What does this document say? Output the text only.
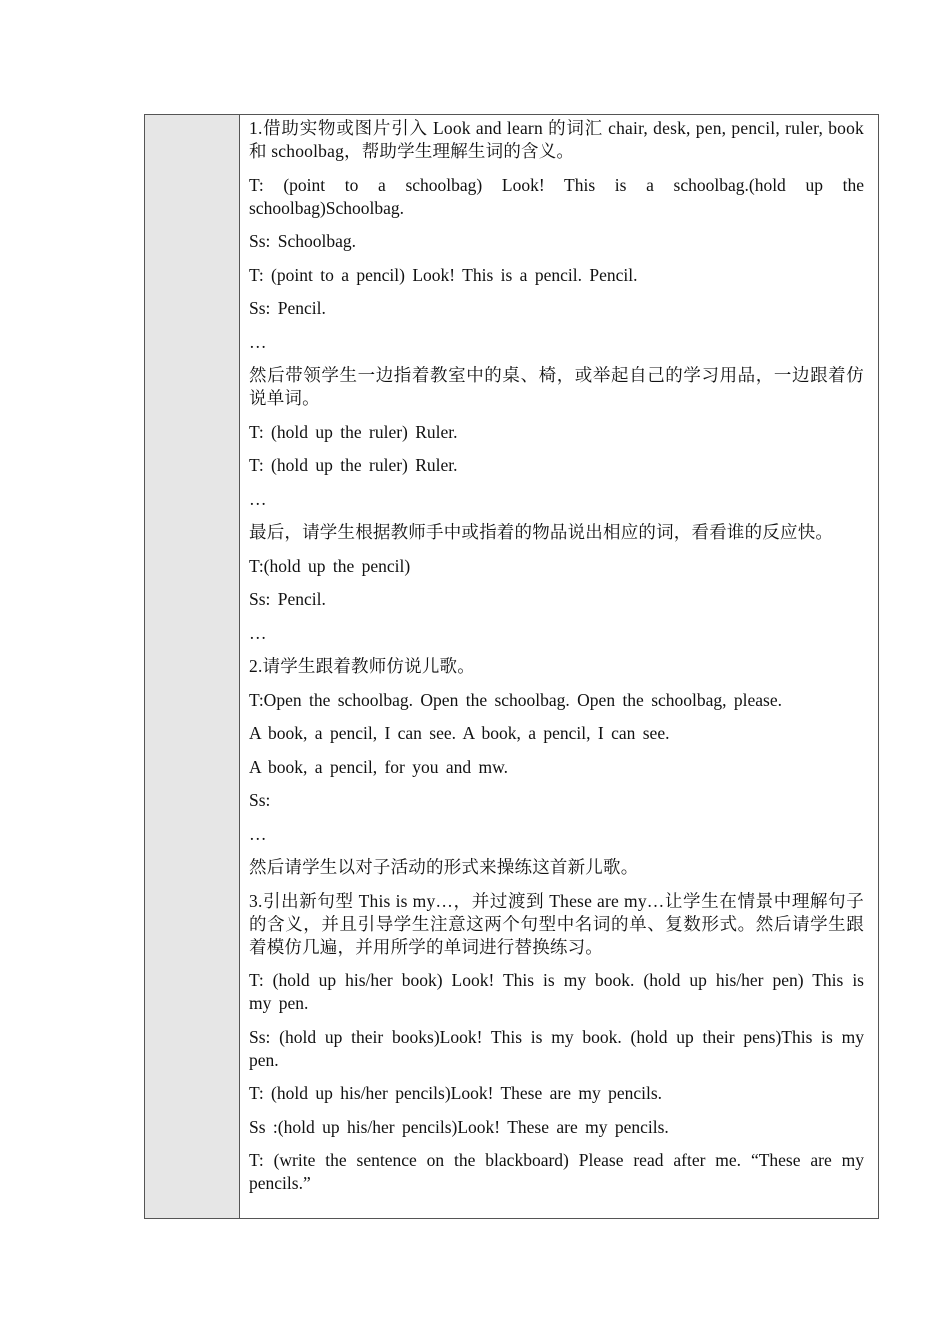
1.借助实物或图片引入 Look and learn 的词汇 chair, desk, pen, pencil, ruler, book 和 schoolbag，帮助学生理解生词的含义。

T: (point to a schoolbag) Look! This is a schoolbag.(hold up the schoolbag)Schoolbag.

Ss: Schoolbag.

T: (point to a pencil) Look! This is a pencil. Pencil.

Ss: Pencil.

…

然后带领学生一边指着教室中的桌、椅，或举起自己的学习用品，一边跟着仿说单词。

T: (hold up the ruler) Ruler.

T: (hold up the ruler) Ruler.

…

最后，请学生根据教师手中或指着的物品说出相应的词，看看谁的反应快。

T:(hold up the pencil)

Ss: Pencil.

…

2.请学生跟着教师仿说儿歌。

T:Open the schoolbag. Open the schoolbag. Open the schoolbag, please.

A book, a pencil, I can see. A book, a pencil, I can see.

A book, a pencil, for you and mw.

Ss:

…

然后请学生以对子活动的形式来操练这首新儿歌。

3.引出新句型 This is my…，并过渡到 These are my…让学生在情景中理解句子的含义，并且引导学生注意这两个句型中名词的单、复数形式。然后请学生跟着模仿几遍，并用所学的单词进行替换练习。

T: (hold up his/her book) Look! This is my book. (hold up his/her pen) This is my pen.

Ss: (hold up their books)Look! This is my book. (hold up their pens)This is my pen.

T: (hold up his/her pencils)Look! These are my pencils.

Ss :(hold up his/her pencils)Look! These are my pencils.

T: (write the sentence on the blackboard) Please read after me. “These are my pencils.”
